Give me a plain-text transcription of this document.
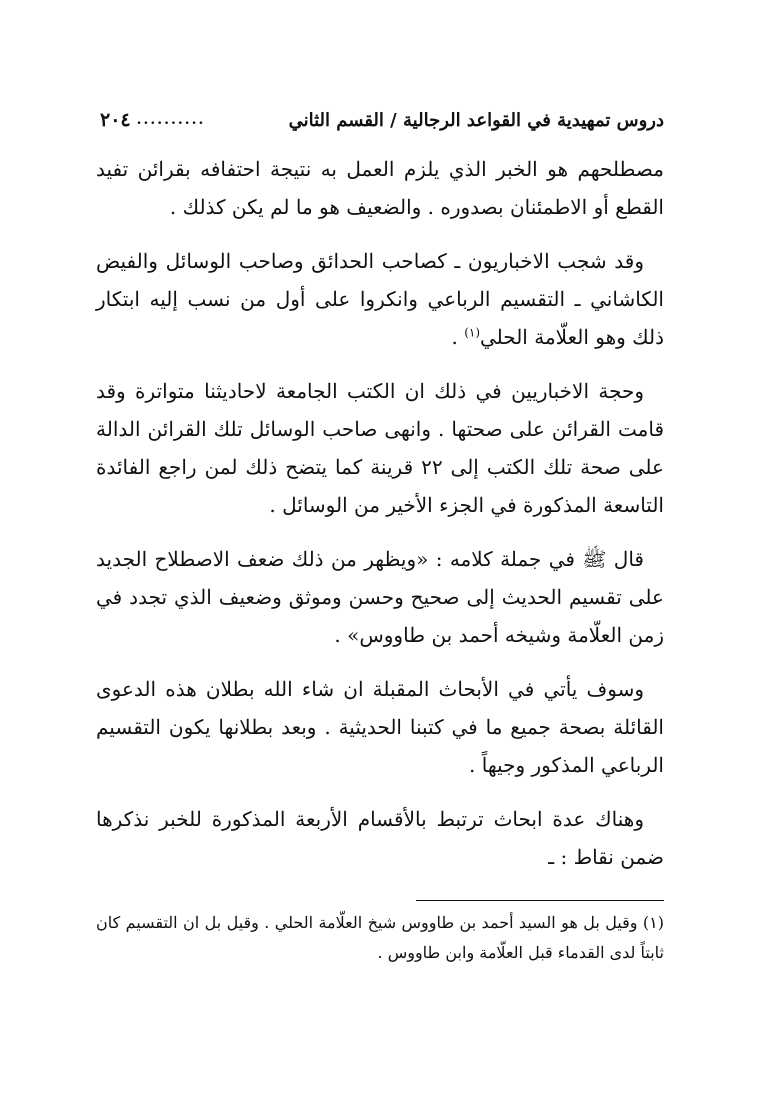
دروس تمهيدية في القواعد الرجالية / القسم الثاني
..........
٢٠٤

مصطلحهم هو الخبر الذي يلزم العمل به نتيجة احتفافه بقرائن تفيد القطع أو الاطمئنان بصدوره . والضعيف هو ما لم يكن كذلك .

وقد شجب الاخباريون ـ كصاحب الحدائق وصاحب الوسائل والفيض الكاشاني ـ التقسيم الرباعي وانكروا على أول من نسب إليه ابتكار ذلك وهو العلّامة الحلي$^{(١)}$ .

وحجة الاخباريين في ذلك ان الكتب الجامعة لاحاديثنا متواترة وقد قامت القرائن على صحتها . وانهى صاحب الوسائل تلك القرائن الدالة على صحة تلك الكتب إلى ٢٢ قرينة كما يتضح ذلك لمن راجع الفائدة التاسعة المذكورة في الجزء الأخير من الوسائل .

قال ﷺ في جملة كلامه : «ويظهر من ذلك ضعف الاصطلاح الجديد على تقسيم الحديث إلى صحيح وحسن وموثق وضعيف الذي تجدد في زمن العلّامة وشيخه أحمد بن طاووس» .

وسوف يأتي في الأبحاث المقبلة ان شاء الله بطلان هذه الدعوى القائلة بصحة جميع ما في كتبنا الحديثية . وبعد بطلانها يكون التقسيم الرباعي المذكور وجيهاً .

وهناك عدة ابحاث ترتبط بالأقسام الأربعة المذكورة للخبر نذكرها ضمن نقاط : ـ

(١) وقيل بل هو السيد أحمد بن طاووس شيخ العلّامة الحلي . وقيل بل ان التقسيم كان ثابتاً لدى القدماء قبل العلّامة وابن طاووس .
